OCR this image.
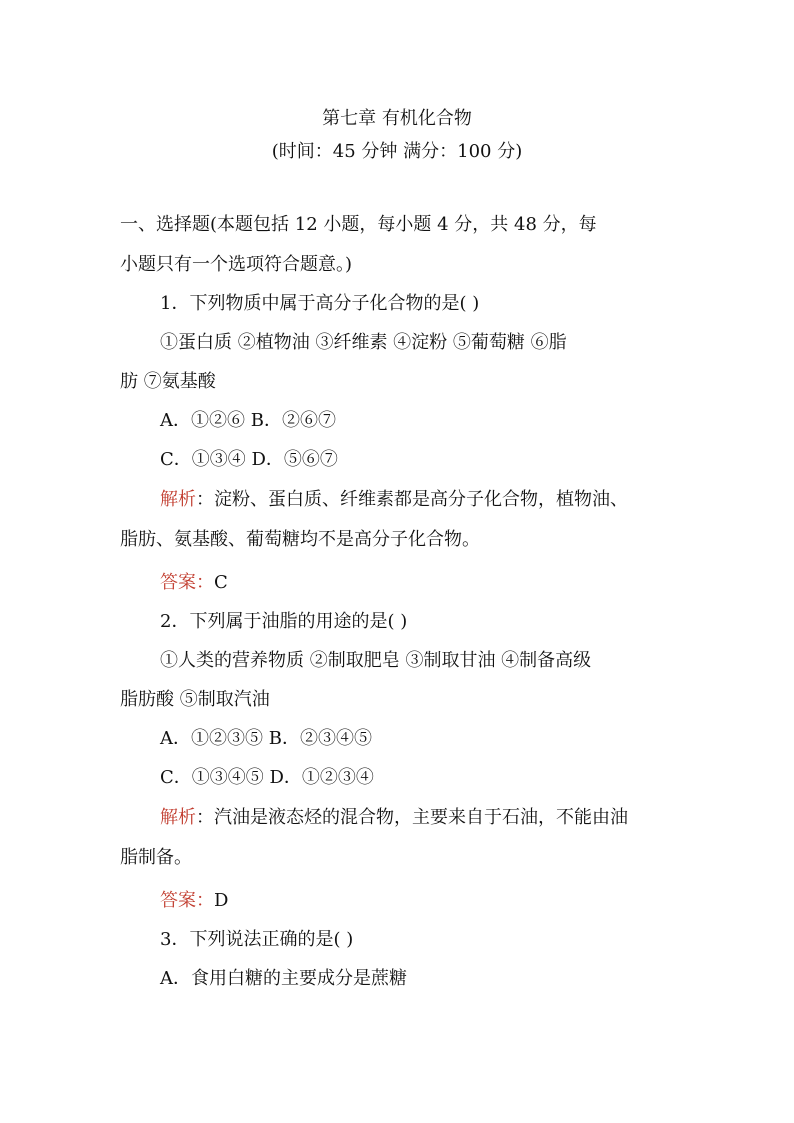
第七章 有机化合物
(时间：45 分钟 满分：100 分)
一、选择题(本题包括 12 小题，每小题 4 分，共 48 分，每
小题只有一个选项符合题意。)
1．下列物质中属于高分子化合物的是( )
①蛋白质 ②植物油 ③纤维素 ④淀粉 ⑤葡萄糖 ⑥脂
肪 ⑦氨基酸
A．①②⑥ B．②⑥⑦
C．①③④ D．⑤⑥⑦
解析：淀粉、蛋白质、纤维素都是高分子化合物，植物油、
脂肪、氨基酸、葡萄糖均不是高分子化合物。
答案：C
2．下列属于油脂的用途的是( )
①人类的营养物质 ②制取肥皂 ③制取甘油 ④制备高级
脂肪酸 ⑤制取汽油
A．①②③⑤ B．②③④⑤
C．①③④⑤ D．①②③④
解析：汽油是液态烃的混合物，主要来自于石油，不能由油
脂制备。
答案：D
3．下列说法正确的是( )
A．食用白糖的主要成分是蔗糖
